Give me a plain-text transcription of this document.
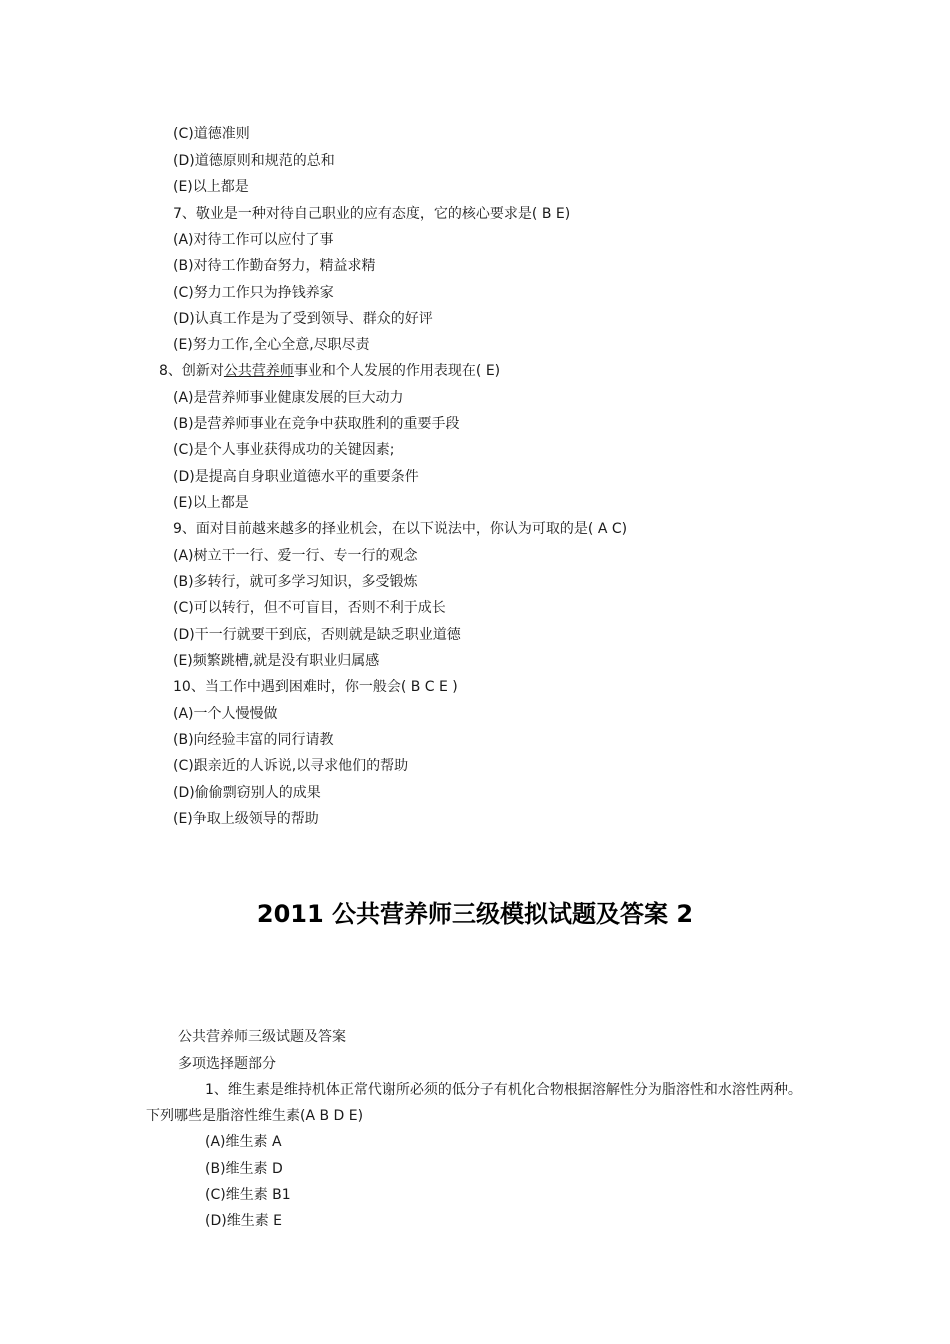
(C)道德准则
(D)道德原则和规范的总和
(E)以上都是
7、敬业是一种对待自己职业的应有态度，它的核心要求是( B E)
(A)对待工作可以应付了事
(B)对待工作勤奋努力，精益求精
(C)努力工作只为挣钱养家
(D)认真工作是为了受到领导、群众的好评
(E)努力工作,全心全意,尽职尽责
8、创新对公共营养师事业和个人发展的作用表现在( E)
(A)是营养师事业健康发展的巨大动力
(B)是营养师事业在竞争中获取胜利的重要手段
(C)是个人事业获得成功的关键因素;
(D)是提高自身职业道德水平的重要条件
(E)以上都是
9、面对目前越来越多的择业机会，在以下说法中，你认为可取的是( A C)
(A)树立干一行、爱一行、专一行的观念
(B)多转行，就可多学习知识，多受锻炼
(C)可以转行，但不可盲目，否则不利于成长
(D)干一行就要干到底，否则就是缺乏职业道德
(E)频繁跳槽,就是没有职业归属感
10、当工作中遇到困难时，你一般会( B C E )
(A)一个人慢慢做
(B)向经验丰富的同行请教
(C)跟亲近的人诉说,以寻求他们的帮助
(D)偷偷剽窃别人的成果
(E)争取上级领导的帮助
2011 公共营养师三级模拟试题及答案 2
公共营养师三级试题及答案
多项选择题部分
1、维生素是维持机体正常代谢所必须的低分子有机化合物根据溶解性分为脂溶性和水溶性两种。
下列哪些是脂溶性维生素(A B D E)
(A)维生素 A
(B)维生素 D
(C)维生素 B1
(D)维生素 E
